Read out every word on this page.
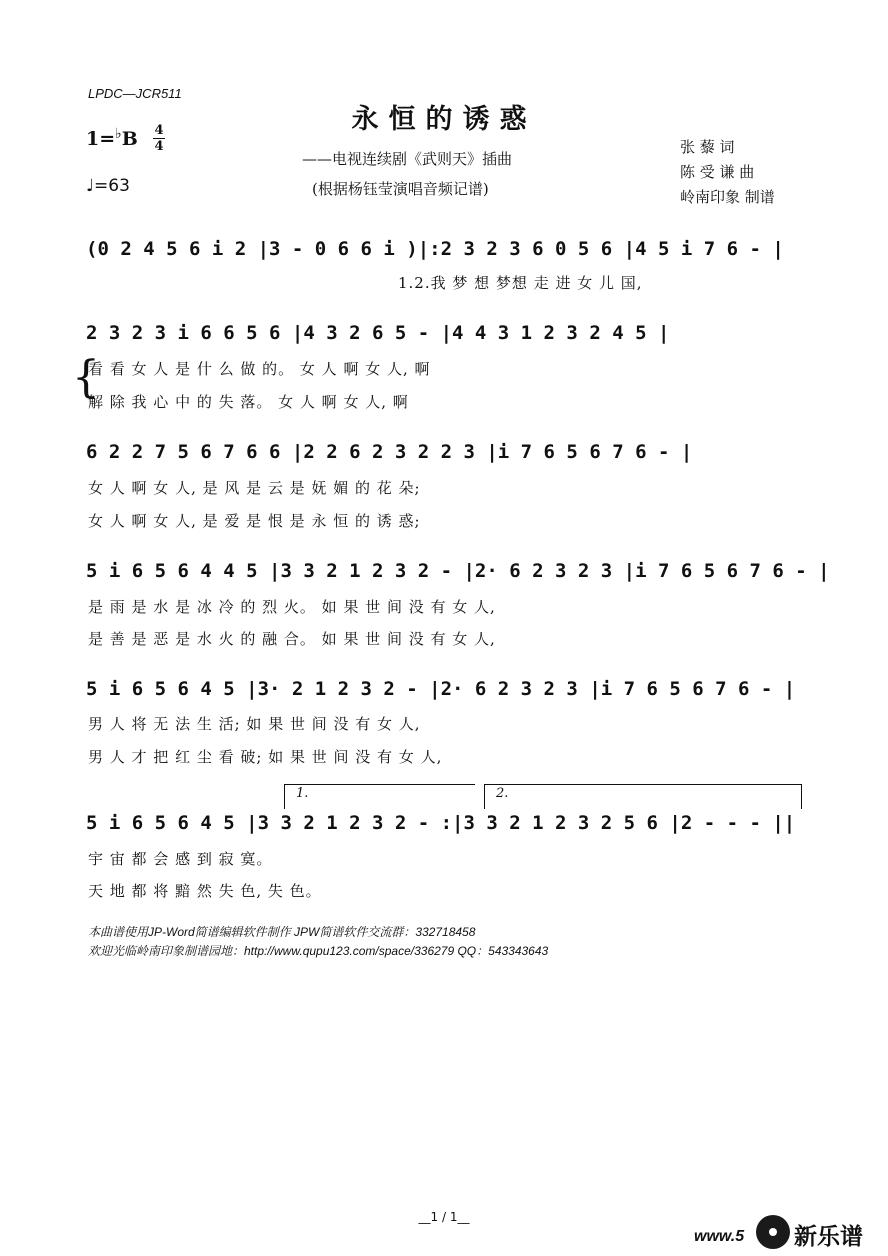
LPDC—JCR511
永恒的诱惑
——电视连续剧《武则天》插曲
(根据杨钰莹演唱音频记谱)
1=♭B 4
4
♩=63
张 藜 词
陈 受 谦 曲
岭南印象 制谱
(0 2 4 5 6 i 2 |3 - 0 6 6 i )|:2 3 2 3 6 0 5 6 |4 5 i 7 6 - |
1.2.我 梦 想 梦想 走 进 女 儿 国,
2 3 2 3 i 6 6 5 6 |4 3 2 6 5 - |4 4 3 1 2 3 2 4 5 |
{
看 看 女 人 是 什 么 做 的。 女 人 啊 女 人, 啊
解 除 我 心 中 的 失 落。 女 人 啊 女 人, 啊
6 2 2 7 5 6 7 6 6 |2 2 6 2 3 2 2 3 |i 7 6 5 6 7 6 - |
女 人 啊 女 人, 是 风 是 云 是 妩 媚 的 花 朵;
女 人 啊 女 人, 是 爱 是 恨 是 永 恒 的 诱 惑;
5 i 6 5 6 4 4 5 |3 3 2 1 2 3 2 - |2· 6 2 3 2 3 |i 7 6 5 6 7 6 - |
是 雨 是 水 是 冰 冷 的 烈 火。 如 果 世 间 没 有 女 人,
是 善 是 恶 是 水 火 的 融 合。 如 果 世 间 没 有 女 人,
5 i 6 5 6 4 5 |3· 2 1 2 3 2 - |2· 6 2 3 2 3 |i 7 6 5 6 7 6 - |
男 人 将 无 法 生 活; 如 果 世 间 没 有 女 人,
男 人 才 把 红 尘 看 破; 如 果 世 间 没 有 女 人,
1.	2.
5 i 6 5 6 4 5 |3 3 2 1 2 3 2 - :|3 3 2 1 2 3 2 5 6 |2 - - - ||
宇 宙 都 会 感 到 寂 寞。
天 地 都 将 黯 然 失 色, 失 色。
本曲谱使用JP-Word简谱编辑软件制作 JPW简谱软件交流群：332718458
欢迎光临岭南印象制谱园地：http://www.qupu123.com/space/336279 QQ：543343643
__1 / 1__
www.5 新乐谱
